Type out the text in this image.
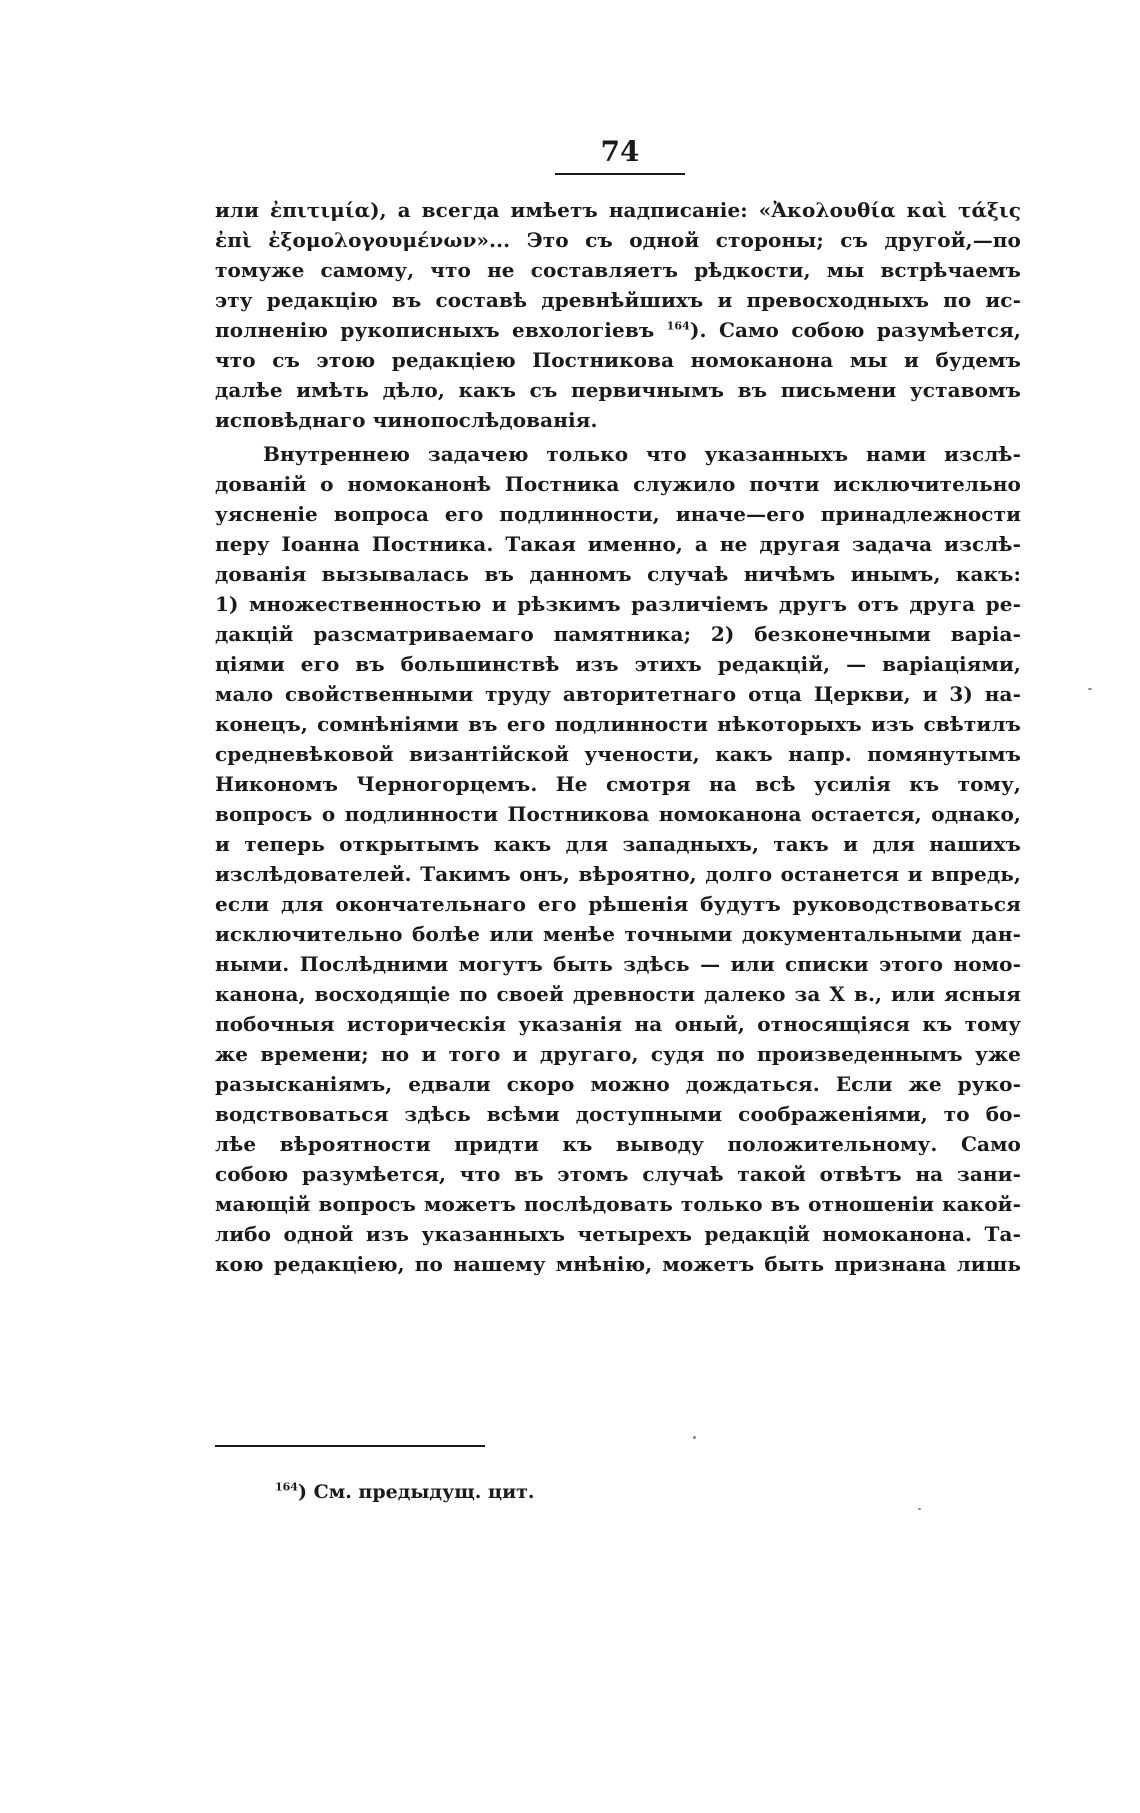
74
или ἐπιτιμία), а всегда имѣетъ надписаніе: «Ἀκολουθία καὶ τάξις
ἐπὶ ἐξομολογουμένων»... Это съ одной стороны; съ другой,—по
томуже самому, что не составляетъ рѣдкости, мы встрѣчаемъ
эту редакцію въ составѣ древнѣйшихъ и превосходныхъ по ис-
полненію рукописныхъ евхологіевъ $^{164}$). Само собою разумѣется,
что съ этою редакціею Постникова номоканона мы и будемъ
далѣе имѣть дѣло, какъ съ первичнымъ въ письмени уставомъ
исповѣднаго чинопослѣдованія.
Внутреннею задачею только что указанныхъ нами изслѣ-
дованій о номоканонѣ Постника служило почти исключительно
уясненіе вопроса его подлинности, иначе—его принадлежности
перу Іоанна Постника. Такая именно, а не другая задача изслѣ-
дованія вызывалась въ данномъ случаѣ ничѣмъ инымъ, какъ:
1) множественностью и рѣзкимъ различіемъ другъ отъ друга ре-
дакцій разсматриваемаго памятника; 2) безконечными варіа-
ціями его въ большинствѣ изъ этихъ редакцій, — варіаціями,
мало свойственными труду авторитетнаго отца Церкви, и 3) на-
конецъ, сомнѣніями въ его подлинности нѣкоторыхъ изъ свѣтилъ
средневѣковой византійской учености, какъ напр. помянутымъ
Никономъ Черногорцемъ. Не смотря на всѣ усилія къ тому,
вопросъ о подлинности Постникова номоканона остается, однако,
и теперь открытымъ какъ для западныхъ, такъ и для нашихъ
изслѣдователей. Такимъ онъ, вѣроятно, долго останется и впредь,
если для окончательнаго его рѣшенія будутъ руководствоваться
исключительно болѣе или менѣе точными документальными дан-
ными. Послѣдними могутъ быть здѣсь — или списки этого номо-
канона, восходящіе по своей древности далеко за X в., или ясныя
побочныя историческія указанія на оный, относящіяся къ тому
же времени; но и того и другаго, судя по произведеннымъ уже
разысканіямъ, едвали скоро можно дождаться. Если же руко-
водствоваться здѣсь всѣми доступными соображеніями, то бо-
лѣе вѣроятности придти къ выводу положительному. Само
собою разумѣется, что въ этомъ случаѣ такой отвѣтъ на зани-
мающій вопросъ можетъ послѣдовать только въ отношеніи какой-
либо одной изъ указанныхъ четырехъ редакцій номоканона. Та-
кою редакціею, по нашему мнѣнію, можетъ быть признана лишь
$^{164}$) См. предыдущ. цит.
